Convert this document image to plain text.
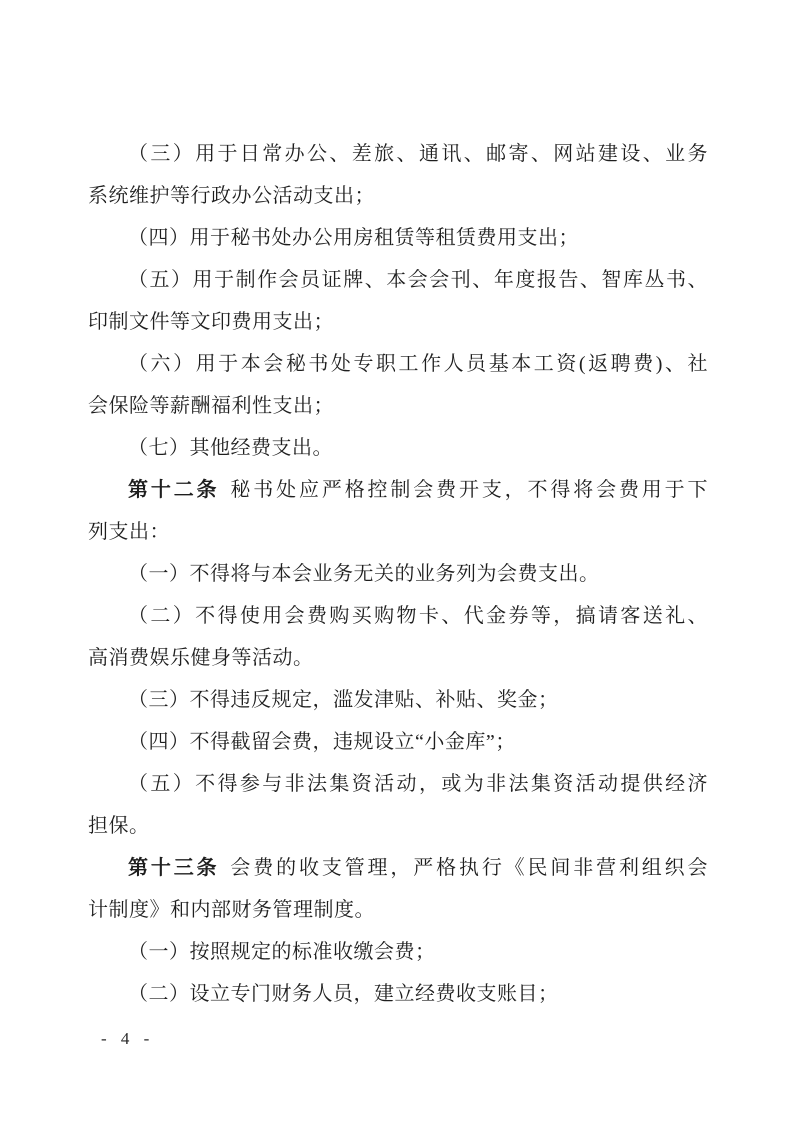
（三）用于日常办公、差旅、通讯、邮寄、网站建设、业务

系统维护等行政办公活动支出；

（四）用于秘书处办公用房租赁等租赁费用支出；

（五）用于制作会员证牌、本会会刊、年度报告、智库丛书、

印制文件等文印费用支出；

（六）用于本会秘书处专职工作人员基本工资(返聘费)、社

会保险等薪酬福利性支出；

（七）其他经费支出。

第十二条 秘书处应严格控制会费开支，不得将会费用于下

列支出：

（一）不得将与本会业务无关的业务列为会费支出。

（二）不得使用会费购买购物卡、代金券等，搞请客送礼、

高消费娱乐健身等活动。

（三）不得违反规定，滥发津贴、补贴、奖金；

（四）不得截留会费，违规设立“小金库”；

（五）不得参与非法集资活动，或为非法集资活动提供经济

担保。

第十三条 会费的收支管理，严格执行《民间非营利组织会

计制度》和内部财务管理制度。

（一）按照规定的标准收缴会费；

（二）设立专门财务人员，建立经费收支账目；

- 4 -
